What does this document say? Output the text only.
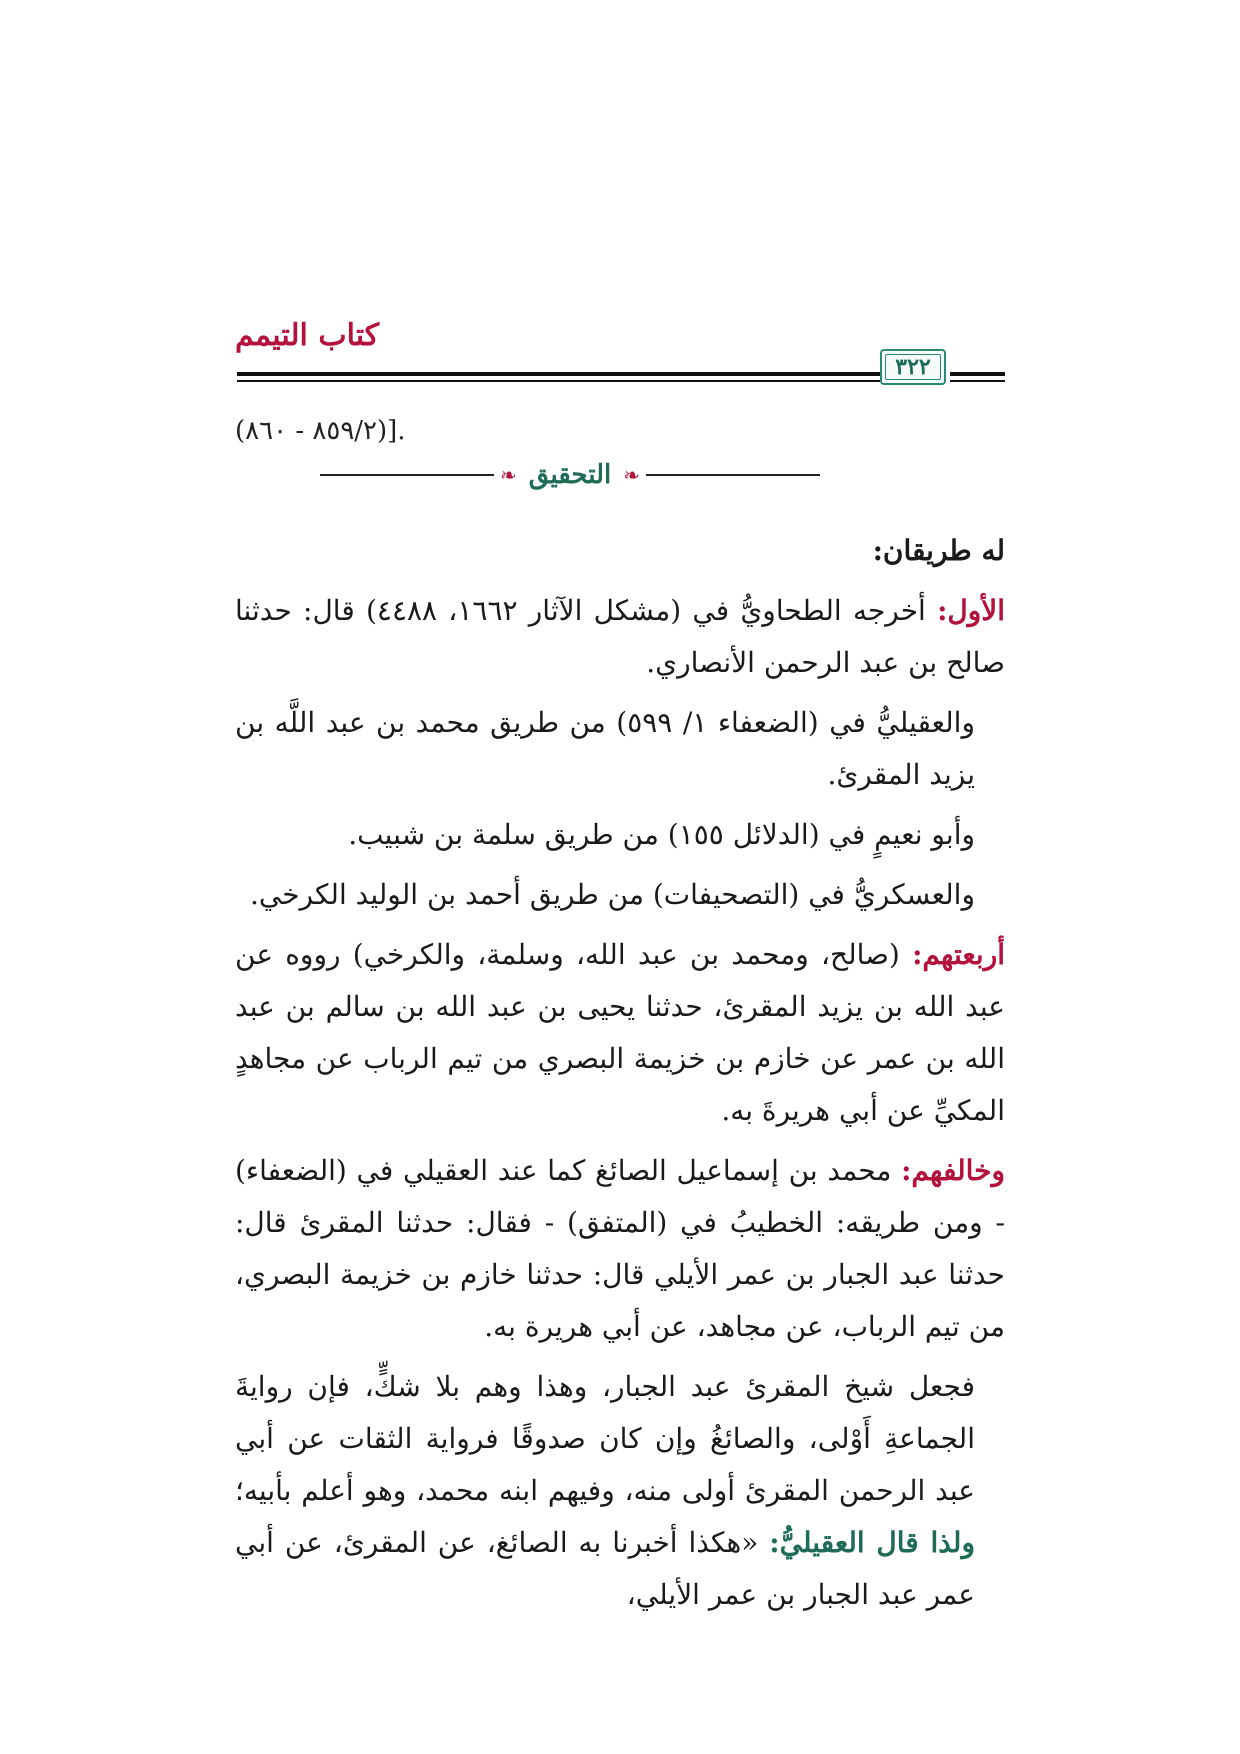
كتاب التيمم
٣٢٢
(٨٥٩/٢ - ٨٦٠)].
❧
التحقيق
❧

له طريقان:

الأول: أخرجه الطحاويُّ في (مشكل الآثار ١٦٦٢، ٤٤٨٨) قال: حدثنا صالح بن عبد الرحمن الأنصاري.

والعقيليُّ في (الضعفاء ١/ ٥٩٩) من طريق محمد بن عبد اللَّه بن يزيد المقرئ.

وأبو نعيمٍ في (الدلائل ١٥٥) من طريق سلمة بن شبيب.

والعسكريُّ في (التصحيفات) من طريق أحمد بن الوليد الكرخي.

أربعتهم: (صالح، ومحمد بن عبد الله، وسلمة، والكرخي) رووه عن عبد الله بن يزيد المقرئ، حدثنا يحيى بن عبد الله بن سالم بن عبد الله بن عمر عن خازم بن خزيمة البصري من تيم الرباب عن مجاهدٍ المكيِّ عن أبي هريرةَ به.

وخالفهم: محمد بن إسماعيل الصائغ كما عند العقيلي في (الضعفاء) - ومن طريقه: الخطيبُ في (المتفق) - فقال: حدثنا المقرئ قال: حدثنا عبد الجبار بن عمر الأيلي قال: حدثنا خازم بن خزيمة البصري، من تيم الرباب، عن مجاهد، عن أبي هريرة به.

فجعل شيخ المقرئ عبد الجبار، وهذا وهم بلا شكٍّ، فإن روايةَ الجماعةِ أَوْلى، والصائغُ وإن كان صدوقًا فرواية الثقات عن أبي عبد الرحمن المقرئ أولى منه، وفيهم ابنه محمد، وهو أعلم بأبيه؛ ولذا قال العقيليُّ: «هكذا أخبرنا به الصائغ، عن المقرئ، عن أبي عمر عبد الجبار بن عمر الأيلي،
